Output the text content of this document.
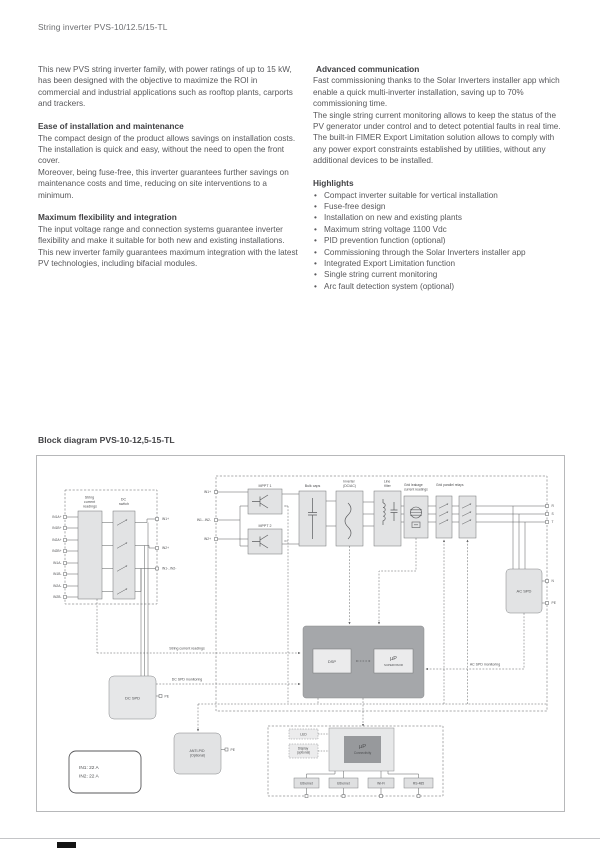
String inverter PVS-10/12.5/15-TL

This new PVS string inverter family, with power ratings of up to 15 kW, has been designed with the objective to maximize the ROI in commercial and industrial applications such as rooftop plants, carports and trackers.

Ease of installation and maintenance

The compact design of the product allows savings on installation costs. The installation is quick and easy, without the need to open the front cover.

Moreover, being fuse-free, this inverter guarantees further savings on maintenance costs and time, reducing on site interventions to a minimum.

Maximum flexibility and integration

The input voltage range and connection systems guarantee inverter flexibility and make it suitable for both new and existing installations.

This new inverter family guarantees maximum integration with the latest PV technologies, including bifacial modules.

Advanced communication

Fast commissioning thanks to the Solar Inverters installer app which enable a quick multi-inverter installation, saving up to 70% commissioning time.

The single string current monitoring allows to keep the status of the PV generator under control and to detect potential faults in real time.

The built-in FIMER Export Limitation solution allows to comply with any power export constraints established by utilities, without any additional devices to be installed.

Highlights
• Compact inverter suitable for vertical installation
• Fuse-free design
• Installation on new and existing plants
• Maximum string voltage 1100 Vdc
• PID prevention function (optional)
• Commissioning through the Solar Inverters installer app
• Integrated Export Limitation function
• Single string current monitoring
• Arc fault detection system (optional)
Block diagram PVS-10-12,5-15-TL
String current readings
DC switch
IN1A+
IN1B+
IN2A+
IN2B+
IN1A-
IN1B-
IN2A-
IN2B-
IN1+
IN2+
IN1-..IN2-
DC SPD	PE
String current readings
DC SPD monitoring
IN1+
IN1-..IN2-
IN2+
MPPT 1
MPPT 2
Bulk caps
Inverter (DC/AC)
Line filter	Grid leakage current readings
Grid parallel relays
R
S
T
AC SPD
N
PE
AC SPD monitoring
DSP	µP
SUPERVISOR
ANTI-PID (Optional)
PE
IN1: 22 A
IN2: 22 A
LED
Display (optional)
µP
Connectivity
Ethernet	Ethernet	Wi-Fi	RS-485
